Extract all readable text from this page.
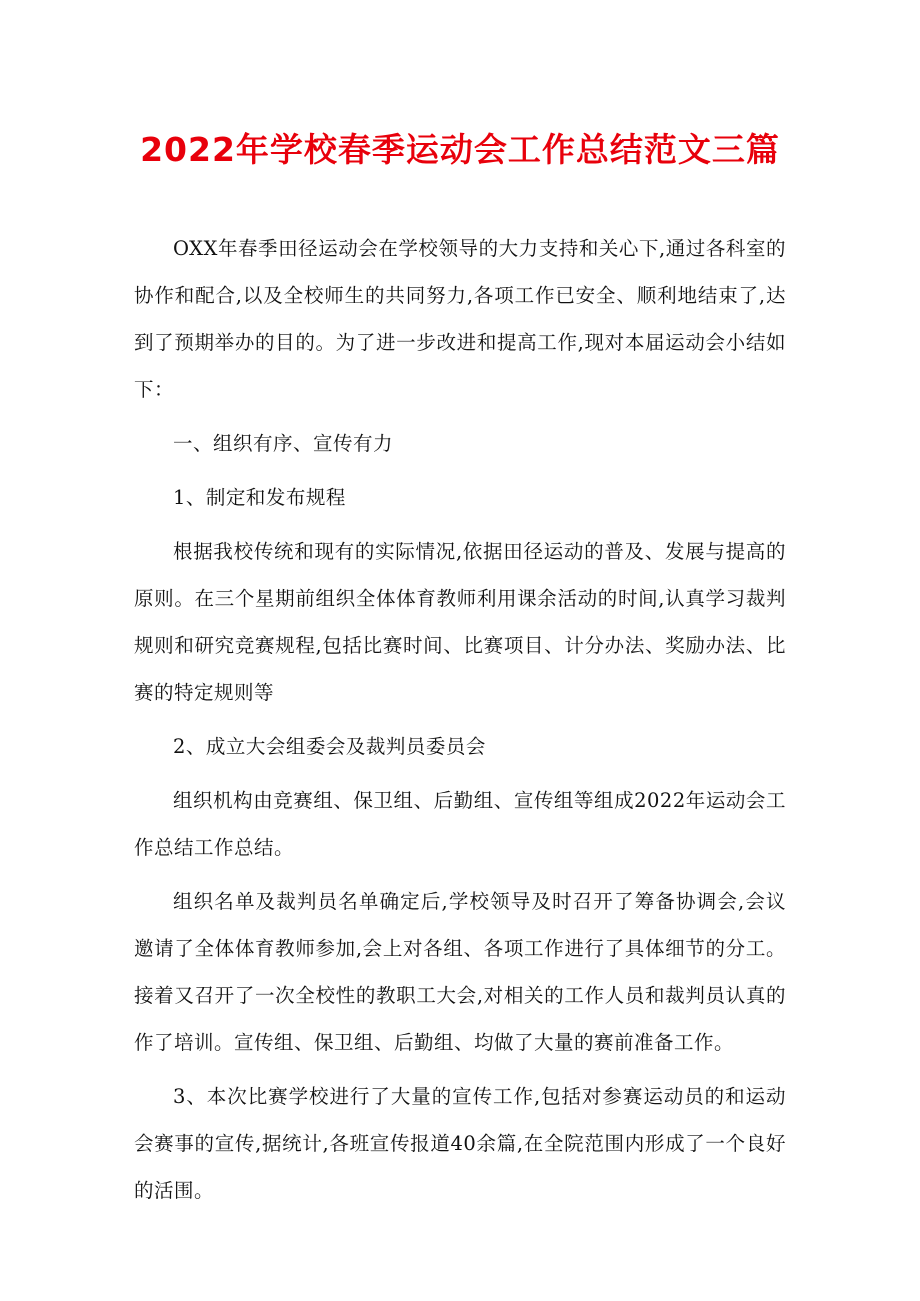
2022年学校春季运动会工作总结范文三篇

OXX年春季田径运动会在学校领导的大力支持和关心下,通过各科室的协作和配合,以及全校师生的共同努力,各项工作已安全、顺利地结束了,达到了预期举办的目的。为了进一步改进和提高工作,现对本届运动会小结如下：

一、组织有序、宣传有力

1、制定和发布规程

根据我校传统和现有的实际情况,依据田径运动的普及、发展与提高的原则。在三个星期前组织全体体育教师利用课余活动的时间,认真学习裁判规则和研究竞赛规程,包括比赛时间、比赛项目、计分办法、奖励办法、比赛的特定规则等

2、成立大会组委会及裁判员委员会

组织机构由竞赛组、保卫组、后勤组、宣传组等组成2022年运动会工作总结工作总结。

组织名单及裁判员名单确定后,学校领导及时召开了筹备协调会,会议邀请了全体体育教师参加,会上对各组、各项工作进行了具体细节的分工。接着又召开了一次全校性的教职工大会,对相关的工作人员和裁判员认真的作了培训。宣传组、保卫组、后勤组、均做了大量的赛前准备工作。

3、本次比赛学校进行了大量的宣传工作,包括对参赛运动员的和运动会赛事的宣传,据统计,各班宣传报道40余篇,在全院范围内形成了一个良好的活围。
